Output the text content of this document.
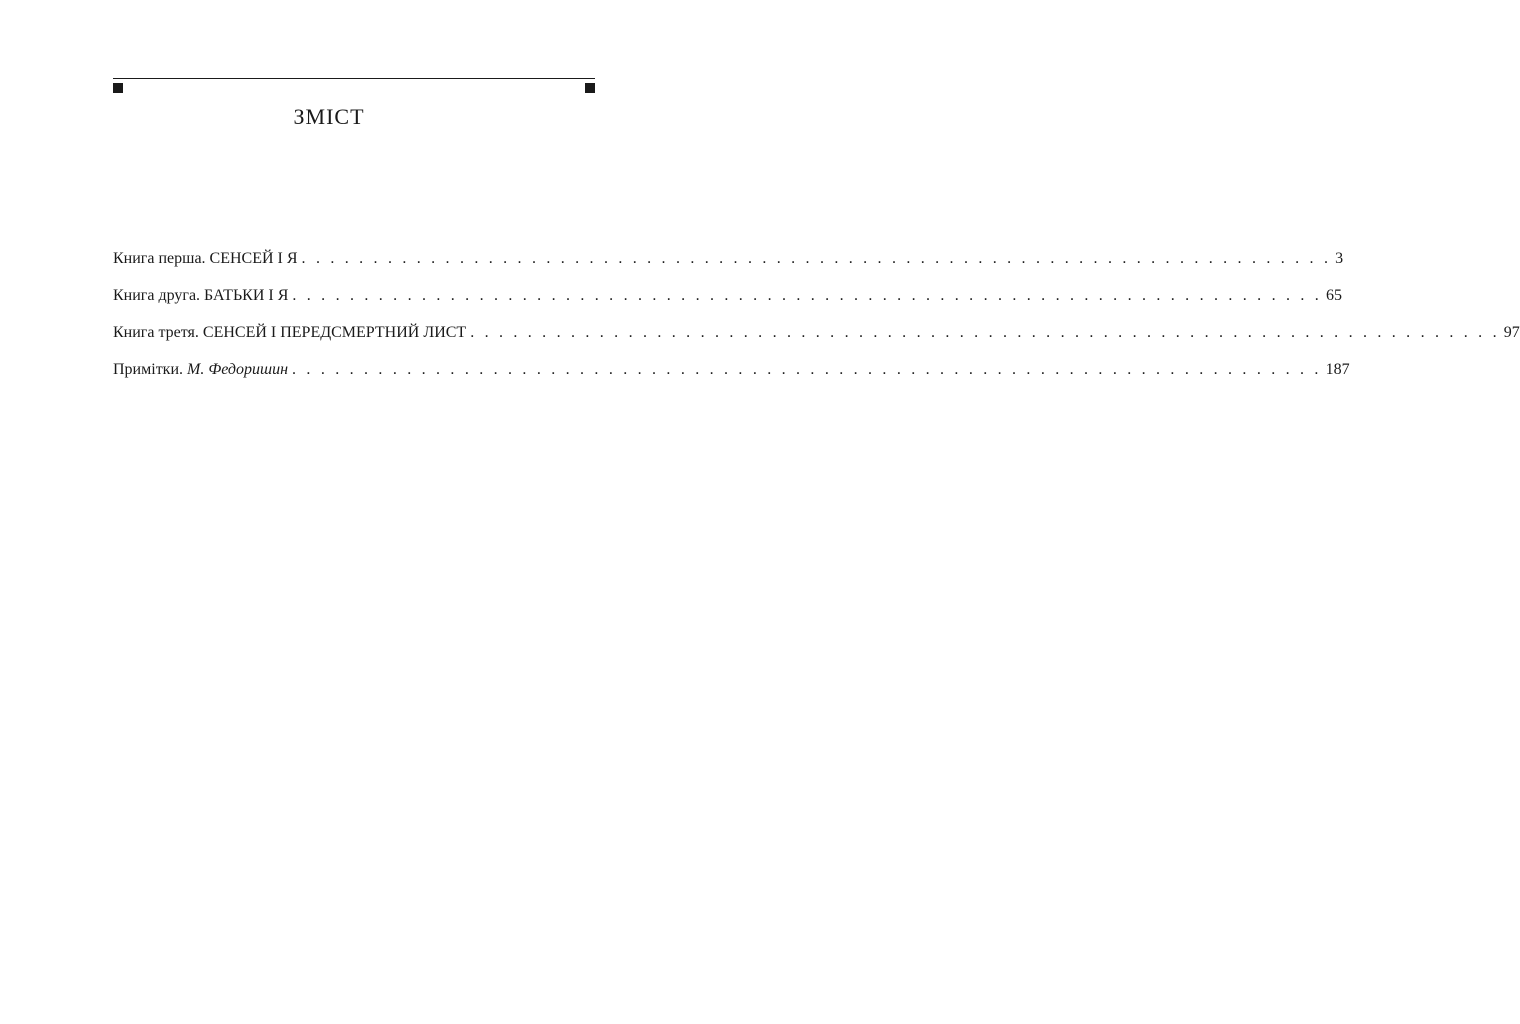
ЗМІСТ
Книга перша. СЕНСЕЙ І Я . . . . . . . . . . . . . . . . . . . . . . . . . . . . . . . . . . . . . . . . . . . . . . . . . . . . . . . . . . . . . . . . . . . . . . . . 3
Книга друга. БАТЬКИ І Я . . . . . . . . . . . . . . . . . . . . . . . . . . . . . . . . . . . . . . . . . . . . . . . . . . . . . . . . . . . . . . . . . . . . . . . . 65
Книга третя. СЕНСЕЙ І ПЕРЕДСМЕРТНИЙ ЛИСТ . . . . . . . . . . . . . . . . . . . . . . . . . . . . . . . . . . . . . . . . . . . . . . . . . . . . . . . . . . . . . . . . . . . . . . . . 97
Примітки. М. Федоришин . . . . . . . . . . . . . . . . . . . . . . . . . . . . . . . . . . . . . . . . . . . . . . . . . . . . . . . . . . . . . . . . . . . . . . . . 187
